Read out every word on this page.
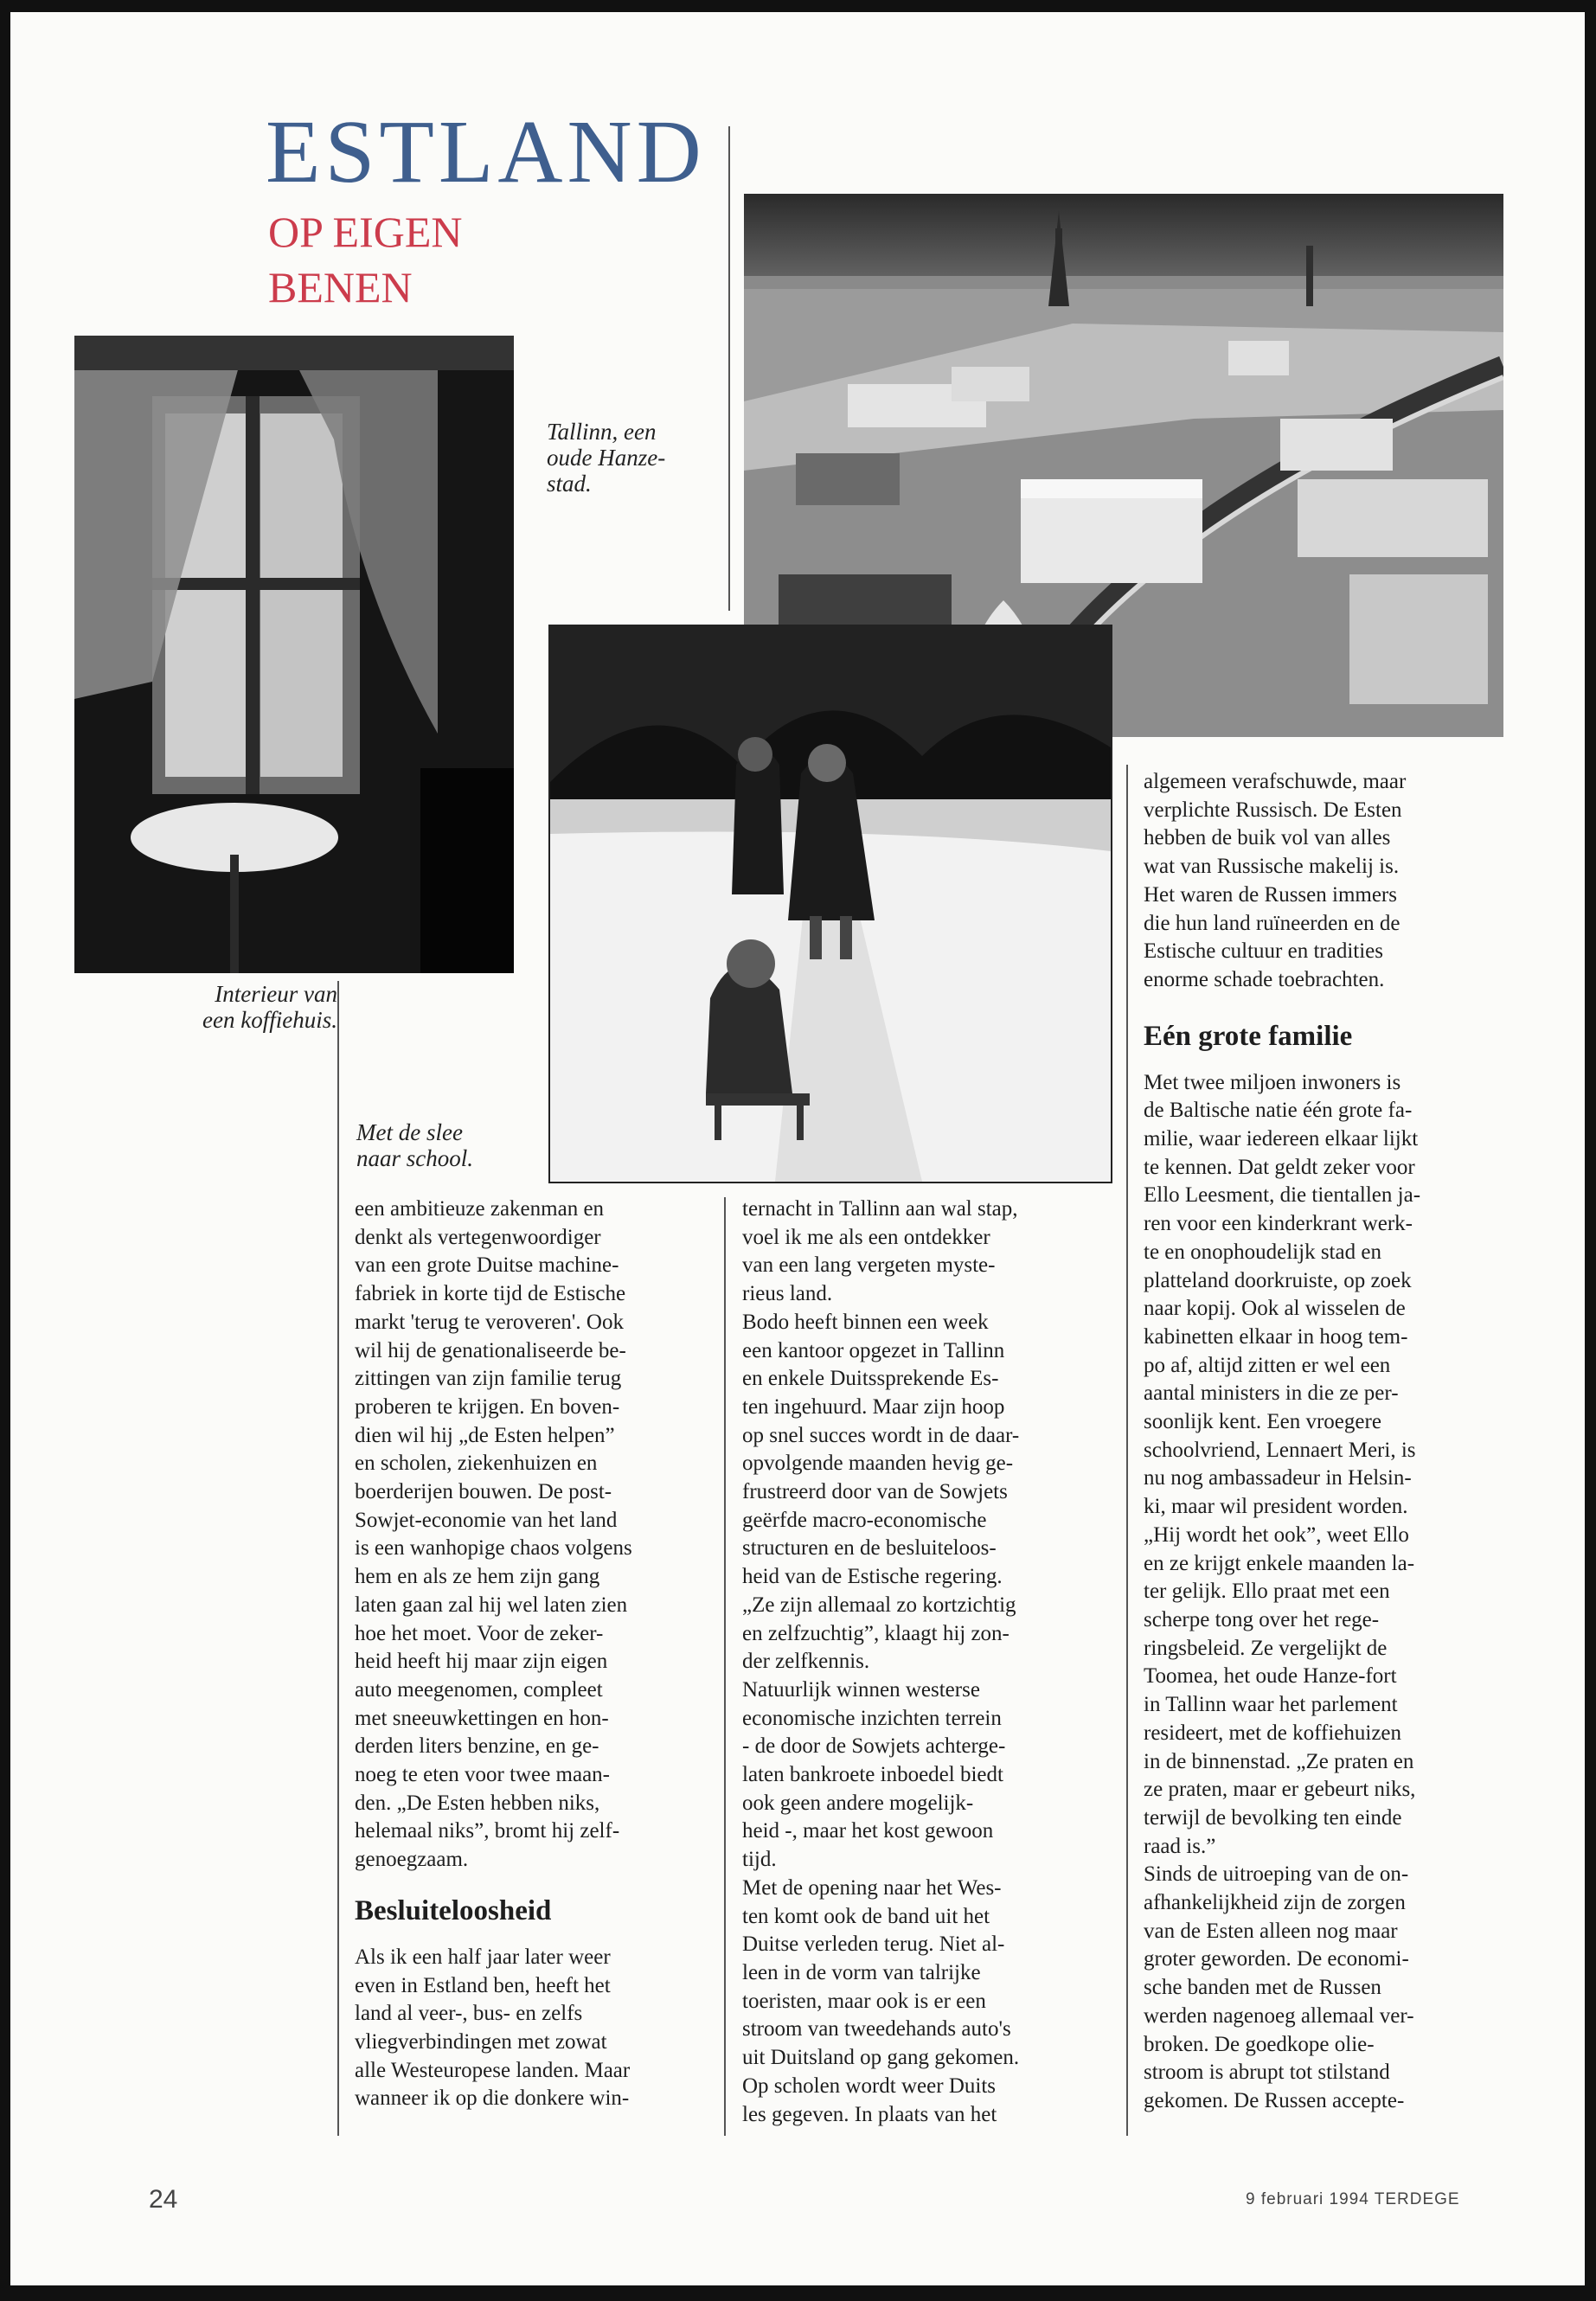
ESTLAND
OP EIGEN
BENEN
Tallinn, een
oude Hanze-
stad.
Interieur van
een koffiehuis.
Met de slee
naar school.

een ambitieuze zakenman en
denkt als vertegenwoordiger
van een grote Duitse machine-
fabriek in korte tijd de Estische
markt 'terug te veroveren'. Ook
wil hij de genationaliseerde be-
zittingen van zijn familie terug
proberen te krijgen. En boven-
dien wil hij „de Esten helpen”
en scholen, ziekenhuizen en
boerderijen bouwen. De post-
Sowjet-economie van het land
is een wanhopige chaos volgens
hem en als ze hem zijn gang
laten gaan zal hij wel laten zien
hoe het moet. Voor de zeker-
heid heeft hij maar zijn eigen
auto meegenomen, compleet
met sneeuwkettingen en hon-
derden liters benzine, en ge-
noeg te eten voor twee maan-
den. „De Esten hebben niks,
helemaal niks”, bromt hij zelf-
genoegzaam.

Besluiteloosheid

Als ik een half jaar later weer
even in Estland ben, heeft het
land al veer-, bus- en zelfs
vliegverbindingen met zowat
alle Westeuropese landen. Maar
wanneer ik op die donkere win-

ternacht in Tallinn aan wal stap,
voel ik me als een ontdekker
van een lang vergeten myste-
rieus land.

Bodo heeft binnen een week
een kantoor opgezet in Tallinn
en enkele Duitssprekende Es-
ten ingehuurd. Maar zijn hoop
op snel succes wordt in de daar-
opvolgende maanden hevig ge-
frustreerd door van de Sowjets
geërfde macro-economische
structuren en de besluiteloos-
heid van de Estische regering.
„Ze zijn allemaal zo kortzichtig
en zelfzuchtig”, klaagt hij zon-
der zelfkennis.

Natuurlijk winnen westerse
economische inzichten terrein
- de door de Sowjets achterge-
laten bankroete inboedel biedt
ook geen andere mogelijk-
heid -, maar het kost gewoon
tijd.

Met de opening naar het Wes-
ten komt ook de band uit het
Duitse verleden terug. Niet al-
leen in de vorm van talrijke
toeristen, maar ook is er een
stroom van tweedehands auto's
uit Duitsland op gang gekomen.
Op scholen wordt weer Duits
les gegeven. In plaats van het

algemeen verafschuwde, maar
verplichte Russisch. De Esten
hebben de buik vol van alles
wat van Russische makelij is.
Het waren de Russen immers
die hun land ruïneerden en de
Estische cultuur en tradities
enorme schade toebrachten.

Eén grote familie

Met twee miljoen inwoners is
de Baltische natie één grote fa-
milie, waar iedereen elkaar lijkt
te kennen. Dat geldt zeker voor
Ello Leesment, die tientallen ja-
ren voor een kinderkrant werk-
te en onophoudelijk stad en
platteland doorkruiste, op zoek
naar kopij. Ook al wisselen de
kabinetten elkaar in hoog tem-
po af, altijd zitten er wel een
aantal ministers in die ze per-
soonlijk kent. Een vroegere
schoolvriend, Lennaert Meri, is
nu nog ambassadeur in Helsin-
ki, maar wil president worden.
„Hij wordt het ook”, weet Ello
en ze krijgt enkele maanden la-
ter gelijk. Ello praat met een
scherpe tong over het rege-
ringsbeleid. Ze vergelijkt de
Toomea, het oude Hanze-fort
in Tallinn waar het parlement
resideert, met de koffiehuizen
in de binnenstad. „Ze praten en
ze praten, maar er gebeurt niks,
terwijl de bevolking ten einde
raad is.”

Sinds de uitroeping van de on-
afhankelijkheid zijn de zorgen
van de Esten alleen nog maar
groter geworden. De economi-
sche banden met de Russen
werden nagenoeg allemaal ver-
broken. De goedkope olie-
stroom is abrupt tot stilstand
gekomen. De Russen accepte-

24	9 februari 1994 TERDEGE
